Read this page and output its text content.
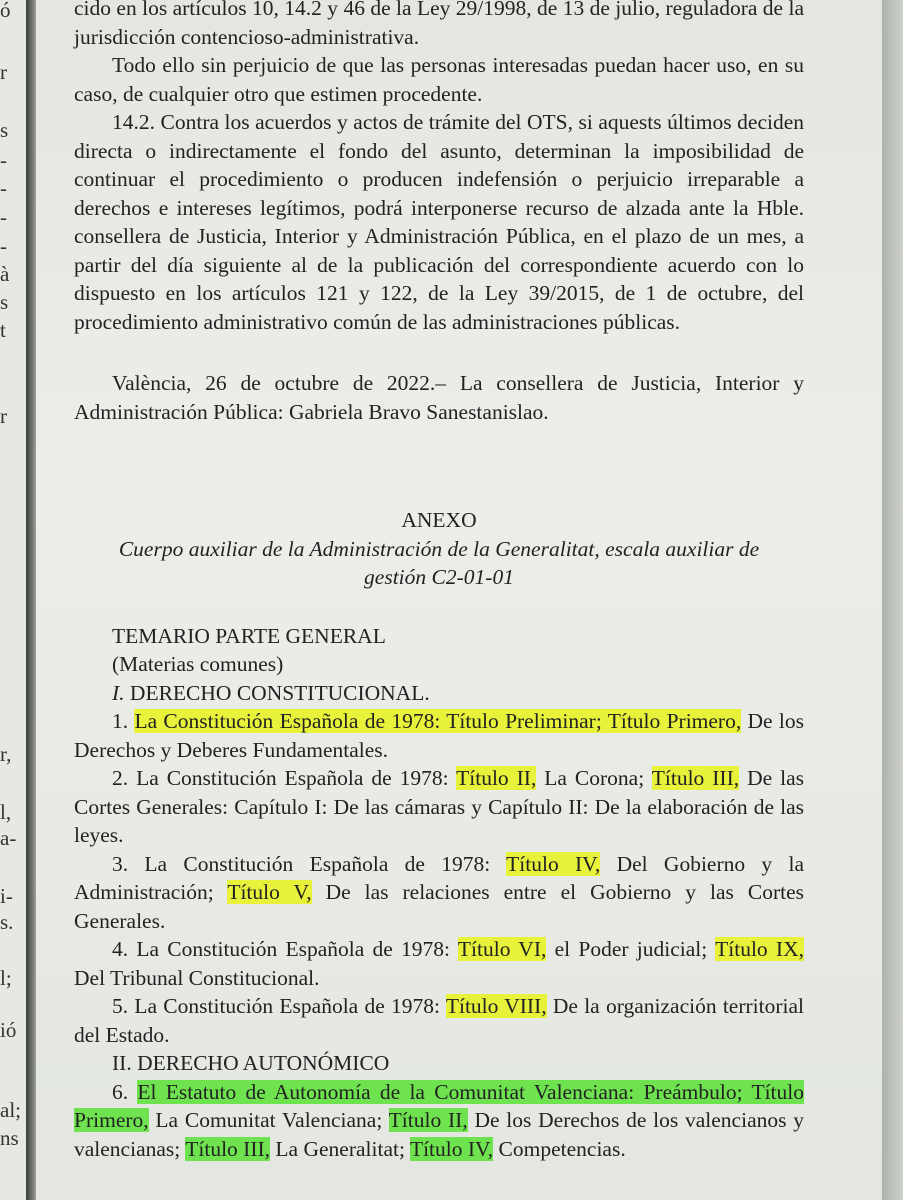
ó
r
s
-
-
-
-
à
s
t
r
r,
l,
a-
i-
s.
l;
ió
al;
ns

cido en los artículos 10, 14.2 y 46 de la Ley 29/1998, de 13 de julio, reguladora de la jurisdicción contencioso-administrativa.

Todo ello sin perjuicio de que las personas interesadas puedan hacer uso, en su caso, de cualquier otro que estimen procedente.

14.2. Contra los acuerdos y actos de trámite del OTS, si aquests últimos deciden directa o indirectamente el fondo del asunto, determinan la imposibilidad de continuar el procedimiento o producen indefensión o perjuicio irreparable a derechos e intereses legítimos, podrá interponerse recurso de alzada ante la Hble. consellera de Justicia, Interior y Administración Pública, en el plazo de un mes, a partir del día siguiente al de la publicación del correspondiente acuerdo con lo dispuesto en los artículos 121 y 122, de la Ley 39/2015, de 1 de octubre, del procedimiento administrativo común de las administraciones públicas.

València, 26 de octubre de 2022.– La consellera de Justicia, Interior y Administración Pública: Gabriela Bravo Sanestanislao.

ANEXO

Cuerpo auxiliar de la Administración de la Generalitat, escala auxiliar de gestión C2-01-01

TEMARIO PARTE GENERAL

(Materias comunes)

I. DERECHO CONSTITUCIONAL.

1. La Constitución Española de 1978: Título Preliminar; Título Primero, De los Derechos y Deberes Fundamentales.

2. La Constitución Española de 1978: Título II, La Corona; Título III, De las Cortes Generales: Capítulo I: De las cámaras y Capítulo II: De la elaboración de las leyes.

3. La Constitución Española de 1978: Título IV, Del Gobierno y la Administración; Título V, De las relaciones entre el Gobierno y las Cortes Generales.

4. La Constitución Española de 1978: Título VI, el Poder judicial; Título IX, Del Tribunal Constitucional.

5. La Constitución Española de 1978: Título VIII, De la organización territorial del Estado.

II. DERECHO AUTONÓMICO

6. El Estatuto de Autonomía de la Comunitat Valenciana: Preámbulo; Título Primero, La Comunitat Valenciana; Título II, De los Derechos de los valencianos y valencianas; Título III, La Generalitat; Título IV, Competencias.
